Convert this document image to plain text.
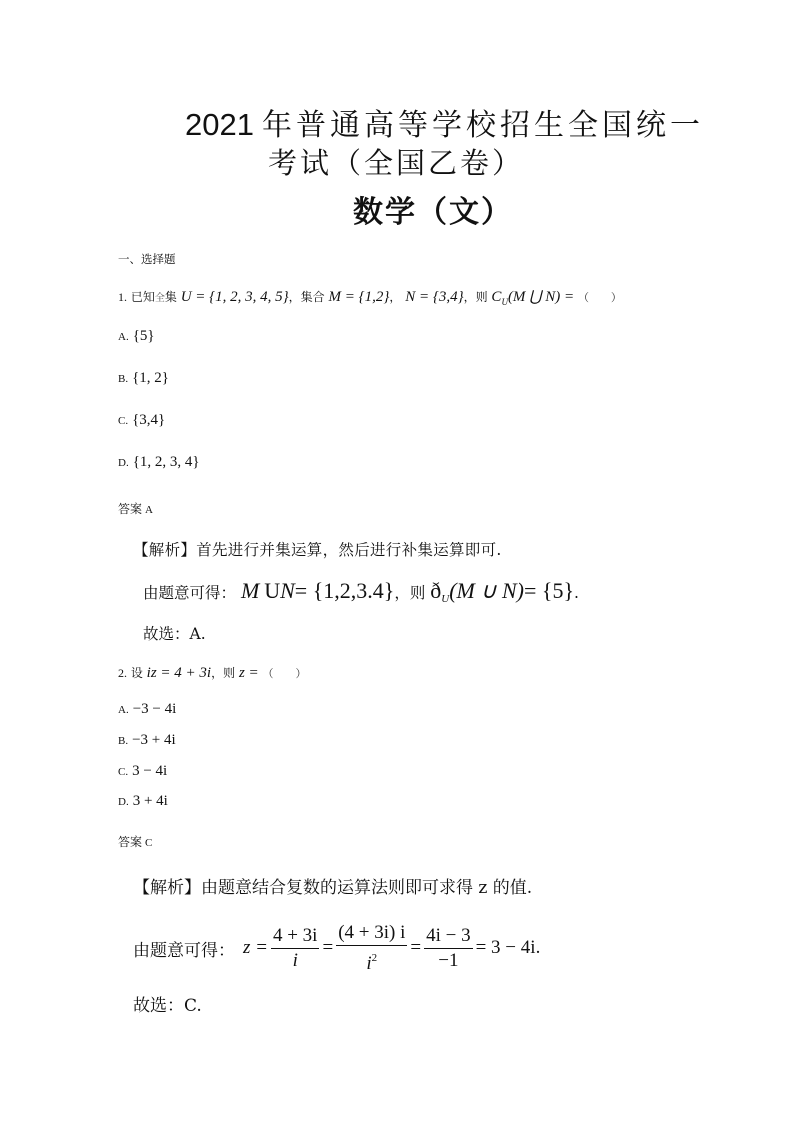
2021 年普通高等学校招生全国统一
考试（全国乙卷）
数学（文）
一、选择题
1. 已知全集 U = {1, 2, 3, 4, 5}，集合 M = {1,2}， N = {3,4}，则 $C_U(M$ ⋃ N) = （　　）
A. {5}
B. {1, 2}
C. {3,4}
D. {1, 2, 3, 4}
答案 A
【解析】首先进行并集运算，然后进行补集运算即可.
由题意可得： M UN= {1,2,3.4}，则 $ð_U(M$ ∪ N)= {5}.
故选：A.
2. 设 iz = 4 + 3i，则 z = （　　）
A. −3 − 4i
B. −3 + 4i
C. 3 − 4i
D. 3 + 4i
答案 C
【解析】由题意结合复数的运算法则即可求得 z 的值.
由题意可得： $z = \frac{4 + 3i}{i} = \frac{(4 + 3i) i}{i^2} = \frac{4i - 3}{-1} = 3 - 4i$ .
故选：C.
